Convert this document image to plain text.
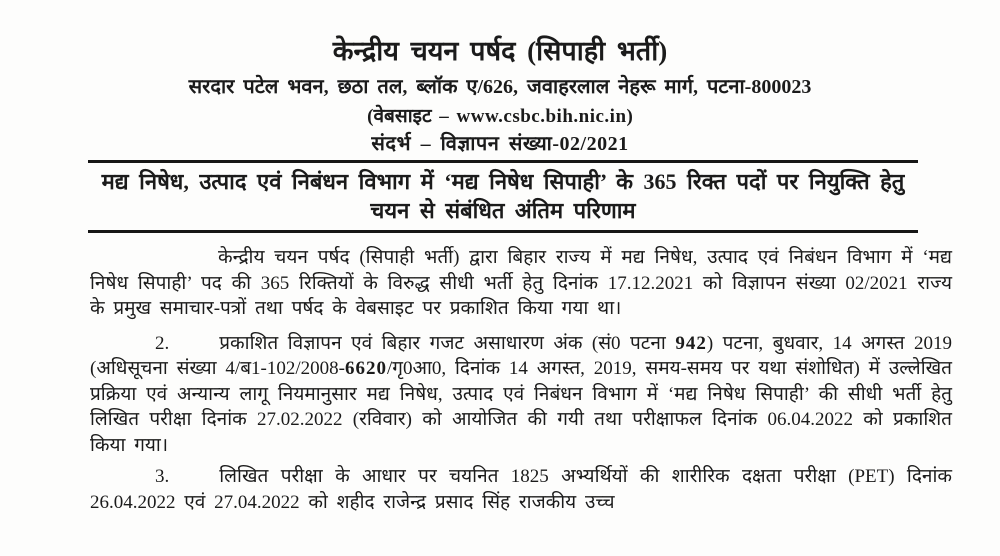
केन्द्रीय चयन पर्षद (सिपाही भर्ती)
सरदार पटेल भवन, छठा तल, ब्लॉक ए/626, जवाहरलाल नेहरू मार्ग, पटना-800023
(वेबसाइट – www.csbc.bih.nic.in)
संदर्भ – विज्ञापन संख्या-02/2021
मद्य निषेध, उत्पाद एवं निबंधन विभाग में ‘मद्य निषेध सिपाही’ के 365 रिक्त पदों पर नियुक्ति हेतु चयन से संबंधित अंतिम परिणाम

केन्द्रीय चयन पर्षद (सिपाही भर्ती) द्वारा बिहार राज्य में मद्य निषेध, उत्पाद एवं निबंधन विभाग में ‘मद्य निषेध सिपाही’ पद की 365 रिक्तियों के विरुद्ध सीधी भर्ती हेतु दिनांक 17.12.2021 को विज्ञापन संख्या 02/2021 राज्य के प्रमुख समाचार-पत्रों तथा पर्षद के वेबसाइट पर प्रकाशित किया गया था।

2.	प्रकाशित विज्ञापन एवं बिहार गजट असाधारण अंक (सं0 पटना 942) पटना, बुधवार, 14 अगस्त 2019 (अधिसूचना संख्या 4/ब1-102/2008-6620/गृ0आ0, दिनांक 14 अगस्त, 2019, समय-समय पर यथा संशोधित) में उल्लेखित प्रक्रिया एवं अन्यान्य लागू नियमानुसार मद्य निषेध, उत्पाद एवं निबंधन विभाग में ‘मद्य निषेध सिपाही’ की सीधी भर्ती हेतु लिखित परीक्षा दिनांक 27.02.2022 (रविवार) को आयोजित की गयी तथा परीक्षाफल दिनांक 06.04.2022 को प्रकाशित किया गया।

3.	लिखित परीक्षा के आधार पर चयनित 1825 अभ्यर्थियों की शारीरिक दक्षता परीक्षा (PET) दिनांक 26.04.2022 एवं 27.04.2022 को शहीद राजेन्द्र प्रसाद सिंह राजकीय उच्च
